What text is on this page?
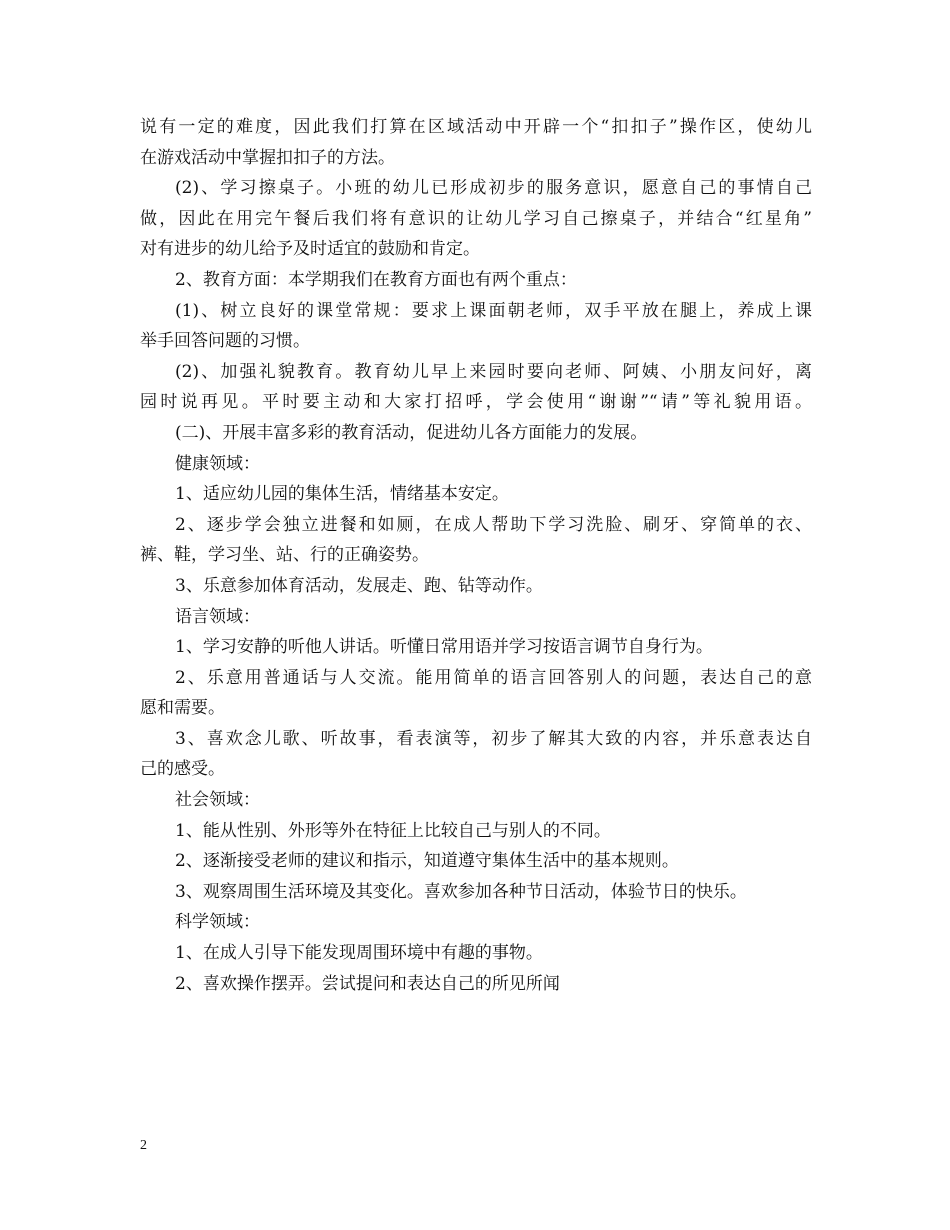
说有一定的难度，因此我们打算在区域活动中开辟一个“扣扣子”操作区，使幼儿
在游戏活动中掌握扣扣子的方法。
(2)、学习擦桌子。小班的幼儿已形成初步的服务意识，愿意自己的事情自己
做，因此在用完午餐后我们将有意识的让幼儿学习自己擦桌子，并结合“红星角”
对有进步的幼儿给予及时适宜的鼓励和肯定。
2、教育方面：本学期我们在教育方面也有两个重点：
(1)、树立良好的课堂常规：要求上课面朝老师，双手平放在腿上，养成上课
举手回答问题的习惯。
(2)、加强礼貌教育。教育幼儿早上来园时要向老师、阿姨、小朋友问好，离
园时说再见。平时要主动和大家打招呼，学会使用“谢谢”“请”等礼貌用语。
(二)、开展丰富多彩的教育活动，促进幼儿各方面能力的发展。
健康领域：
1、适应幼儿园的集体生活，情绪基本安定。
2、逐步学会独立进餐和如厕，在成人帮助下学习洗脸、刷牙、穿简单的衣、
裤、鞋，学习坐、站、行的正确姿势。
3、乐意参加体育活动，发展走、跑、钻等动作。
语言领域：
1、学习安静的听他人讲话。听懂日常用语并学习按语言调节自身行为。
2、乐意用普通话与人交流。能用简单的语言回答别人的问题，表达自己的意
愿和需要。
3、喜欢念儿歌、听故事，看表演等，初步了解其大致的内容，并乐意表达自
己的感受。
社会领域：
1、能从性别、外形等外在特征上比较自己与别人的不同。
2、逐渐接受老师的建议和指示，知道遵守集体生活中的基本规则。
3、观察周围生活环境及其变化。喜欢参加各种节日活动，体验节日的快乐。
科学领域：
1、在成人引导下能发现周围环境中有趣的事物。
2、喜欢操作摆弄。尝试提问和表达自己的所见所闻
2
